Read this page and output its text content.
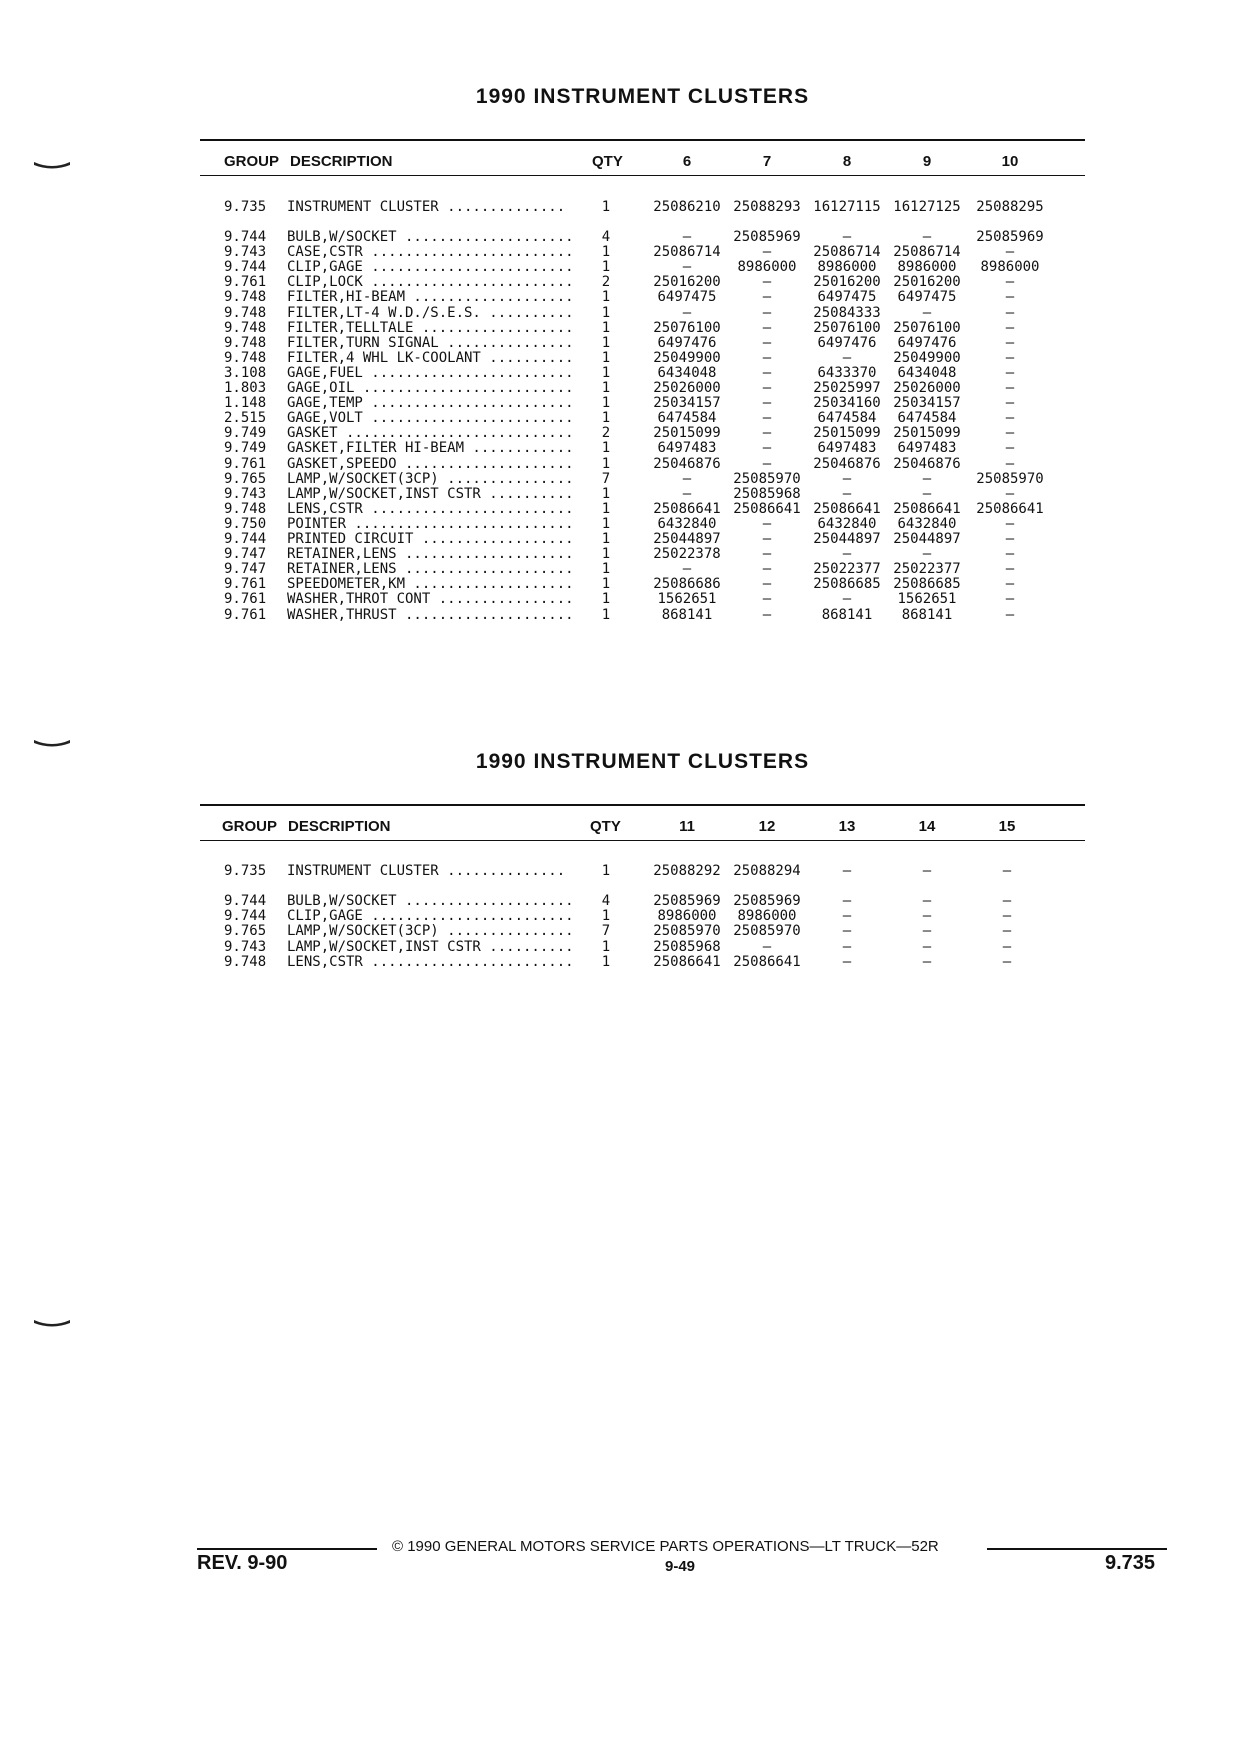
1990 INSTRUMENT CLUSTERS
GROUP DESCRIPTION	QTY	6	7	8	9	10
9.735 INSTRUMENT CLUSTER ..............	1	25086210 25088293 16127115 16127125	25088295
9.744 BULB,W/SOCKET ....................	4	—	25085969	—	—	25085969
9.743 CASE,CSTR ........................	1	25086714	—	25086714 25086714	—
9.744 CLIP,GAGE ........................	1	—	8986000	8986000	8986000	8986000
9.761 CLIP,LOCK ........................	2	25016200	—	25016200 25016200	—
9.748 FILTER,HI-BEAM ...................	1	6497475	—	6497475	6497475	—
9.748 FILTER,LT-4 W.D./S.E.S. ..........	1	—	—	25084333	—	—
9.748 FILTER,TELLTALE ..................	1	25076100	—	25076100 25076100	—
9.748 FILTER,TURN SIGNAL ...............	1	6497476	—	6497476	6497476	—
9.748 FILTER,4 WHL LK-COOLANT ..........	1	25049900	—	—	25049900	—
3.108 GAGE,FUEL ........................	1	6434048	—	6433370	6434048	—
1.803 GAGE,OIL .........................	1	25026000	—	25025997 25026000	—
1.148 GAGE,TEMP ........................	1	25034157	—	25034160 25034157	—
2.515 GAGE,VOLT ........................	1	6474584	—	6474584	6474584	—
9.749 GASKET ...........................	2	25015099	—	25015099 25015099	—
9.749 GASKET,FILTER HI-BEAM ............	1	6497483	—	6497483	6497483	—
9.761 GASKET,SPEEDO ....................	1	25046876	—	25046876 25046876	—
9.765 LAMP,W/SOCKET(3CP) ...............	7	—	25085970	—	—	25085970
9.743 LAMP,W/SOCKET,INST CSTR ..........	1	—	25085968	—	—	—
9.748 LENS,CSTR ........................	1	25086641 25086641 25086641 25086641	25086641
9.750 POINTER ..........................	1	6432840	—	6432840	6432840	—
9.744 PRINTED CIRCUIT ..................	1	25044897	—	25044897 25044897	—
9.747 RETAINER,LENS ....................	1	25022378	—	—	—	—
9.747 RETAINER,LENS ....................	1	—	—	25022377 25022377	—
9.761 SPEEDOMETER,KM ...................	1	25086686	—	25086685 25086685	—
9.761 WASHER,THROT CONT ................	1	1562651	—	—	1562651	—
9.761 WASHER,THRUST ....................	1	868141	—	868141	868141	—
1990 INSTRUMENT CLUSTERS
GROUP DESCRIPTION	QTY	11	12	13	14	15
9.735 INSTRUMENT CLUSTER ..............	1	25088292 25088294	—	—	—
9.744 BULB,W/SOCKET ....................	4	25085969 25085969	—	—	—
9.744 CLIP,GAGE ........................	1	8986000	8986000	—	—	—
9.765 LAMP,W/SOCKET(3CP) ...............	7	25085970 25085970	—	—	—
9.743 LAMP,W/SOCKET,INST CSTR ..........	1	25085968	—	—	—	—
9.748 LENS,CSTR ........................	1	25086641 25086641	—	—	—
© 1990 GENERAL MOTORS SERVICE PARTS OPERATIONS—LT TRUCK—52R
REV. 9-90	9-49	9.735
